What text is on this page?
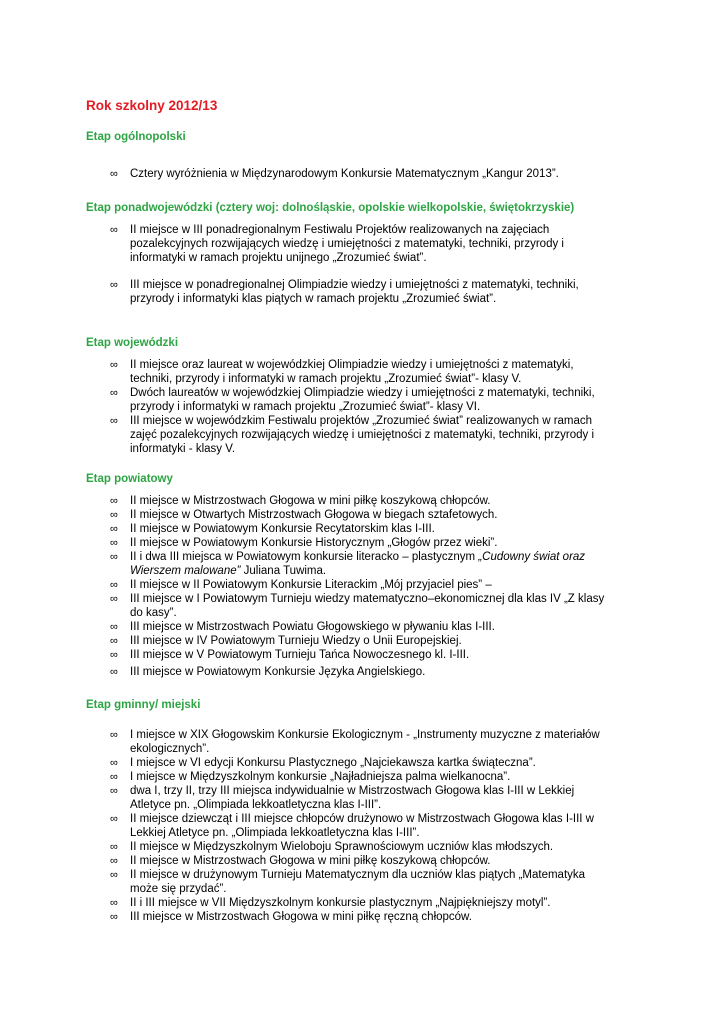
Rok szkolny 2012/13
Etap ogólnopolski
∞ Cztery wyróżnienia w Międzynarodowym Konkursie Matematycznym „Kangur 2013”.
Etap ponadwojewódzki (cztery woj: dolnośląskie, opolskie wielkopolskie, świętokrzyskie)
∞ II miejsce w III ponadregionalnym Festiwalu Projektów realizowanych na zajęciach pozalekcyjnych rozwijających wiedzę i umiejętności z matematyki, techniki, przyrody i informatyki w ramach projektu unijnego „Zrozumieć świat”.
∞ III miejsce w ponadregionalnej Olimpiadzie wiedzy i umiejętności z matematyki, techniki, przyrody i informatyki klas piątych w ramach projektu „Zrozumieć świat”.
Etap wojewódzki
∞ II miejsce oraz laureat w wojewódzkiej Olimpiadzie wiedzy i umiejętności z matematyki, techniki, przyrody i informatyki w ramach projektu „Zrozumieć świat”- klasy V.
∞ Dwóch laureatów w wojewódzkiej Olimpiadzie wiedzy i umiejętności z matematyki, techniki, przyrody i informatyki w ramach projektu „Zrozumieć świat”- klasy VI.
∞ III miejsce w wojewódzkim Festiwalu projektów „Zrozumieć świat” realizowanych w ramach zajęć pozalekcyjnych rozwijających wiedzę i umiejętności z matematyki, techniki, przyrody i informatyki - klasy V.
Etap powiatowy
∞ II miejsce w Mistrzostwach Głogowa w mini piłkę koszykową chłopców.
∞ II miejsce w Otwartych Mistrzostwach Głogowa w biegach sztafetowych.
∞ II miejsce w Powiatowym Konkursie Recytatorskim klas I-III.
∞ II miejsce w Powiatowym Konkursie Historycznym „Głogów przez wieki”.
∞ II i dwa III miejsca w Powiatowym konkursie literacko – plastycznym „Cudowny świat oraz Wierszem malowane” Juliana Tuwima.
∞ II miejsce w II Powiatowym Konkursie Literackim „Mój przyjaciel pies” –
∞ III miejsce w I Powiatowym Turnieju wiedzy matematyczno–ekonomicznej dla klas IV „Z klasy do kasy”.
∞ III miejsce w Mistrzostwach Powiatu Głogowskiego w pływaniu klas I-III.
∞ III miejsce w IV Powiatowym Turnieju Wiedzy o Unii Europejskiej.
∞ III miejsce w V Powiatowym Turnieju Tańca Nowoczesnego kl. I-III.
∞ III miejsce w Powiatowym Konkursie Języka Angielskiego.
Etap gminny/ miejski
∞ I miejsce w XIX Głogowskim Konkursie Ekologicznym - „Instrumenty muzyczne z materiałów ekologicznych”.
∞ I miejsce w VI edycji Konkursu Plastycznego „Najciekawsza kartka świąteczna”.
∞ I miejsce w Międzyszkolnym konkursie „Najładniejsza palma wielkanocna”.
∞ dwa I, trzy II, trzy III miejsca indywidualnie w Mistrzostwach Głogowa klas I-III w Lekkiej Atletyce pn. „Olimpiada lekkoatletyczna klas I-III”.
∞ II miejsce dziewcząt i III miejsce chłopców drużynowo w Mistrzostwach Głogowa klas I-III w Lekkiej Atletyce pn. „Olimpiada lekkoatletyczna klas I-III”.
∞ II miejsce w Międzyszkolnym Wieloboju Sprawnościowym uczniów klas młodszych.
∞ II miejsce w Mistrzostwach Głogowa w mini piłkę koszykową chłopców.
∞ II miejsce w drużynowym Turnieju Matematycznym dla uczniów klas piątych „Matematyka może się przydać”.
∞ II i III miejsce w VII Międzyszkolnym konkursie plastycznym „Najpiękniejszy motyl”.
∞ III miejsce w Mistrzostwach Głogowa w mini piłkę ręczną chłopców.
